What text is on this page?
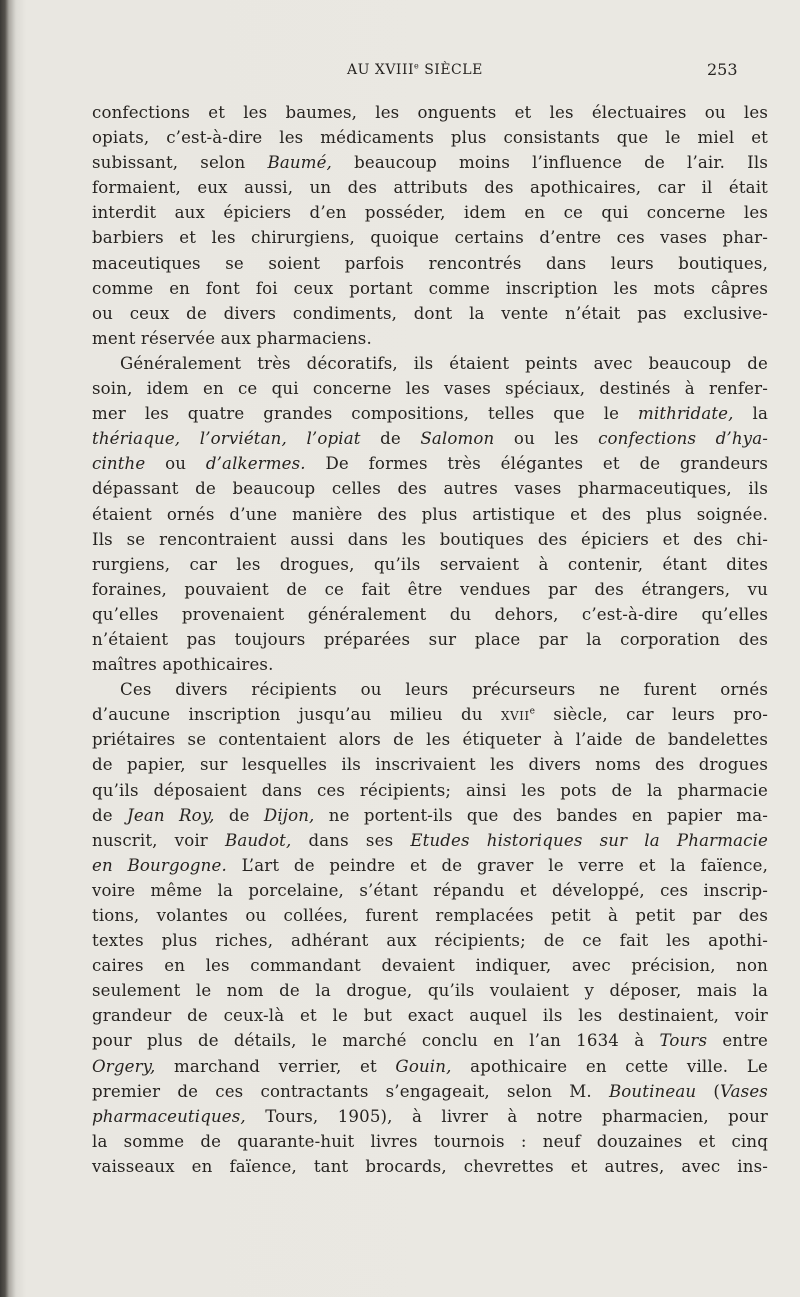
AU XVIIIe SIÈCLE	253
confections et les baumes, les onguents et les électuaires ou les
opiats, c’est-à-dire les médicaments plus consistants que le miel et
subissant, selon Baumé, beaucoup moins l’influence de l’air. Ils
formaient, eux aussi, un des attributs des apothicaires, car il était
interdit aux épiciers d’en posséder, idem en ce qui concerne les
barbiers et les chirurgiens, quoique certains d’entre ces vases phar-
maceutiques se soient parfois rencontrés dans leurs boutiques,
comme en font foi ceux portant comme inscription les mots câpres
ou ceux de divers condiments, dont la vente n’était pas exclusive-
ment réservée aux pharmaciens.
Généralement très décoratifs, ils étaient peints avec beaucoup de
soin, idem en ce qui concerne les vases spéciaux, destinés à renfer-
mer les quatre grandes compositions, telles que le mithridate, la
thériaque, l’orviétan, l’opiat de Salomon ou les confections d’hya-
cinthe ou d’alkermes. De formes très élégantes et de grandeurs
dépassant de beaucoup celles des autres vases pharmaceutiques, ils
étaient ornés d’une manière des plus artistique et des plus soignée.
Ils se rencontraient aussi dans les boutiques des épiciers et des chi-
rurgiens, car les drogues, qu’ils servaient à contenir, étant dites
foraines, pouvaient de ce fait être vendues par des étrangers, vu
qu’elles provenaient généralement du dehors, c’est-à-dire qu’elles
n’étaient pas toujours préparées sur place par la corporation des
maîtres apothicaires.
Ces divers récipients ou leurs précurseurs ne furent ornés
d’aucune inscription jusqu’au milieu du XVIIe siècle, car leurs pro-
priétaires se contentaient alors de les étiqueter à l’aide de bandelettes
de papier, sur lesquelles ils inscrivaient les divers noms des drogues
qu’ils déposaient dans ces récipients; ainsi les pots de la pharmacie
de Jean Roy, de Dijon, ne portent-ils que des bandes en papier ma-
nuscrit, voir Baudot, dans ses Etudes historiques sur la Pharmacie
en Bourgogne. L’art de peindre et de graver le verre et la faïence,
voire même la porcelaine, s’étant répandu et développé, ces inscrip-
tions, volantes ou collées, furent remplacées petit à petit par des
textes plus riches, adhérant aux récipients; de ce fait les apothi-
caires en les commandant devaient indiquer, avec précision, non
seulement le nom de la drogue, qu’ils voulaient y déposer, mais la
grandeur de ceux-là et le but exact auquel ils les destinaient, voir
pour plus de détails, le marché conclu en l’an 1634 à Tours entre
Orgery, marchand verrier, et Gouin, apothicaire en cette ville. Le
premier de ces contractants s’engageait, selon M. Boutineau (Vases
pharmaceutiques, Tours, 1905), à livrer à notre pharmacien, pour
la somme de quarante-huit livres tournois : neuf douzaines et cinq
vaisseaux en faïence, tant brocards, chevrettes et autres, avec ins-
